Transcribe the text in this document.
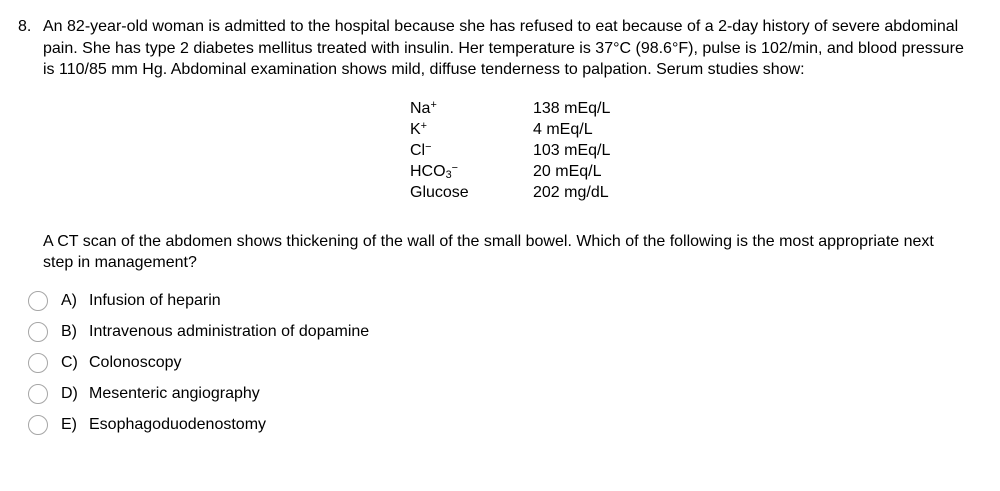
8. An 82-year-old woman is admitted to the hospital because she has refused to eat because of a 2-day history of severe abdominal pain. She has type 2 diabetes mellitus treated with insulin. Her temperature is 37°C (98.6°F), pulse is 102/min, and blood pressure is 110/85 mm Hg. Abdominal examination shows mild, diffuse tenderness to palpation. Serum studies show:
Na+	138 mEq/L
K+	4 mEq/L
Cl−	103 mEq/L
$HCO_3^-$	20 mEq/L
Glucose	202 mg/dL
A CT scan of the abdomen shows thickening of the wall of the small bowel. Which of the following is the most appropriate next step in management?
A) Infusion of heparin
B) Intravenous administration of dopamine
C) Colonoscopy
D) Mesenteric angiography
E) Esophagoduodenostomy
